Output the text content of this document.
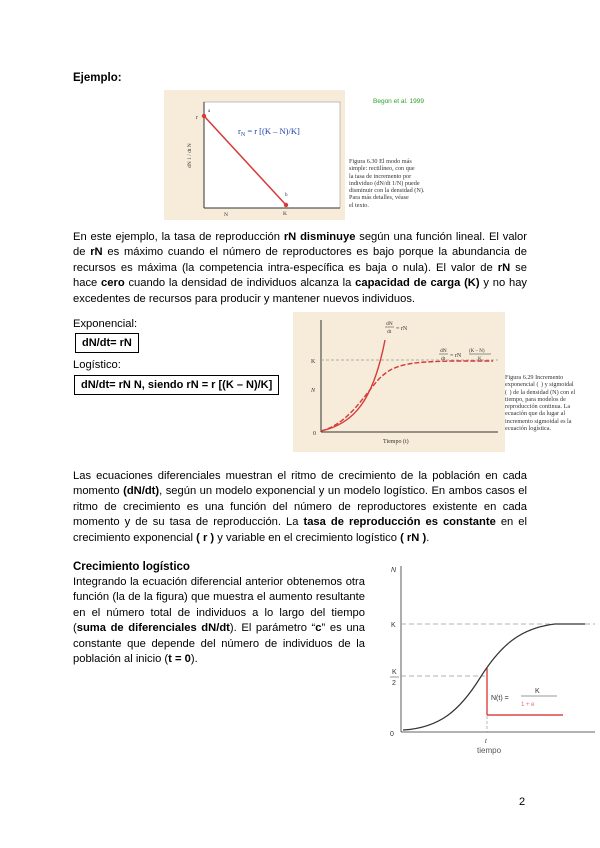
Ejemplo:
r
a
b
K
N
dN 1 / dt N
$r_N = r$ [(K – N)/K]
Begon et al. 1999
Figura 6.30 El modo más
simple: rectilíneo, con que
la tasa de incremento por
individuo (dN/dt 1/N) puede
disminuir con la densidad (N).
Para más detalles, véase
el texto.
En este ejemplo, la tasa de reproducción rN disminuye según una función lineal. El valor de rN es máximo cuando el número de reproductores es bajo porque la abundancia de recursos es máxima (la competencia intra-específica es baja o nula). El valor de rN se hace cero cuando la densidad de individuos alcanza la capacidad de carga (K) y no hay excedentes de recursos para producir y mantener nuevos individuos.
Exponencial:
dN/dt= rN
Logístico:
dN/dt= rN N, siendo rN = r [(K – N)/K]
K
N
0
Tiempo (t)
dN
dt = rN
dN
dt = rN
(K – N)
K
Figura 6.29 Incremento
exponencial (  ) y sigmoidal
(  ) de la densidad (N) con el
tiempo, para modelos de
reproducción continua. La
ecuación que da lugar al
incremento sigmoidal es la
ecuación logística.
Las ecuaciones diferenciales muestran el ritmo de crecimiento de la población en cada momento (dN/dt), según un modelo exponencial y un modelo logístico. En ambos casos el ritmo de crecimiento es una función del número de reproductores existente en cada momento y de su tasa de reproducción. La tasa de reproducción es constante en el crecimiento exponencial ( r ) y variable en el crecimiento logístico ( rN ).
Crecimiento logístico
Integrando la ecuación diferencial anterior obtenemos otra función (la de la figura) que muestra el aumento resultante en el número total de individuos a lo largo del tiempo (suma de diferenciales dN/dt). El parámetro “c” es una constante que depende del número de individuos de la población al inicio (t = 0).
N
K
K
2
0
N(t) =
K
1 + e
t
tiempo
2
